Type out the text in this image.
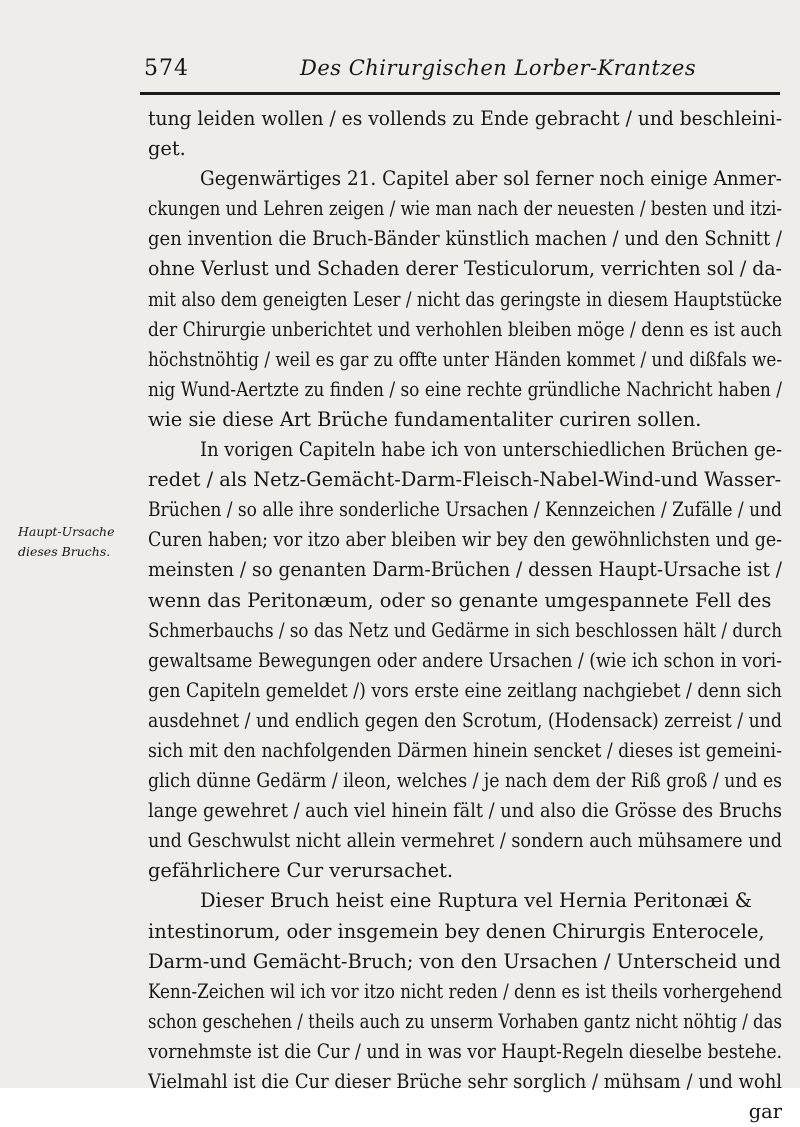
574	Des Chirurgischen Lorber-Krantzes
Haupt-Ursache
dieses Bruchs.
tung leiden wollen / es vollends zu Ende gebracht / und beschleini-
get.
Gegenwärtiges 21. Capitel aber sol ferner noch einige Anmer-
ckungen und Lehren zeigen / wie man nach der neuesten / besten und itzi-
gen invention die Bruch-Bänder künstlich machen / und den Schnitt /
ohne Verlust und Schaden derer Testiculorum, verrichten sol / da-
mit also dem geneigten Leser / nicht das geringste in diesem Hauptstücke
der Chirurgie unberichtet und verhohlen bleiben möge / denn es ist auch
höchstnöhtig / weil es gar zu offte unter Händen kommet / und dißfals we-
nig Wund-Aertzte zu finden / so eine rechte gründliche Nachricht haben /
wie sie diese Art Brüche fundamentaliter curiren sollen.
In vorigen Capiteln habe ich von unterschiedlichen Brüchen ge-
redet / als Netz-Gemächt-Darm-Fleisch-Nabel-Wind-und Wasser-
Brüchen / so alle ihre sonderliche Ursachen / Kennzeichen / Zufälle / und
Curen haben; vor itzo aber bleiben wir bey den gewöhnlichsten und ge-
meinsten / so genanten Darm-Brüchen / dessen Haupt-Ursache ist /
wenn das Peritonæum, oder so genante umgespannete Fell des
Schmerbauchs / so das Netz und Gedärme in sich beschlossen hält / durch
gewaltsame Bewegungen oder andere Ursachen / (wie ich schon in vori-
gen Capiteln gemeldet /) vors erste eine zeitlang nachgiebet / denn sich
ausdehnet / und endlich gegen den Scrotum, (Hodensack) zerreist / und
sich mit den nachfolgenden Därmen hinein sencket / dieses ist gemeini-
glich dünne Gedärm / ileon, welches / je nach dem der Riß groß / und es
lange gewehret / auch viel hinein fält / und also die Grösse des Bruchs
und Geschwulst nicht allein vermehret / sondern auch mühsamere und
gefährlichere Cur verursachet.
Dieser Bruch heist eine Ruptura vel Hernia Peritonæi &
intestinorum, oder insgemein bey denen Chirurgis Enterocele,
Darm-und Gemächt-Bruch; von den Ursachen / Unterscheid und
Kenn-Zeichen wil ich vor itzo nicht reden / denn es ist theils vorhergehend
schon geschehen / theils auch zu unserm Vorhaben gantz nicht nöhtig / das
vornehmste ist die Cur / und in was vor Haupt-Regeln dieselbe bestehe.
Vielmahl ist die Cur dieser Brüche sehr sorglich / mühsam / und wohl
gar
